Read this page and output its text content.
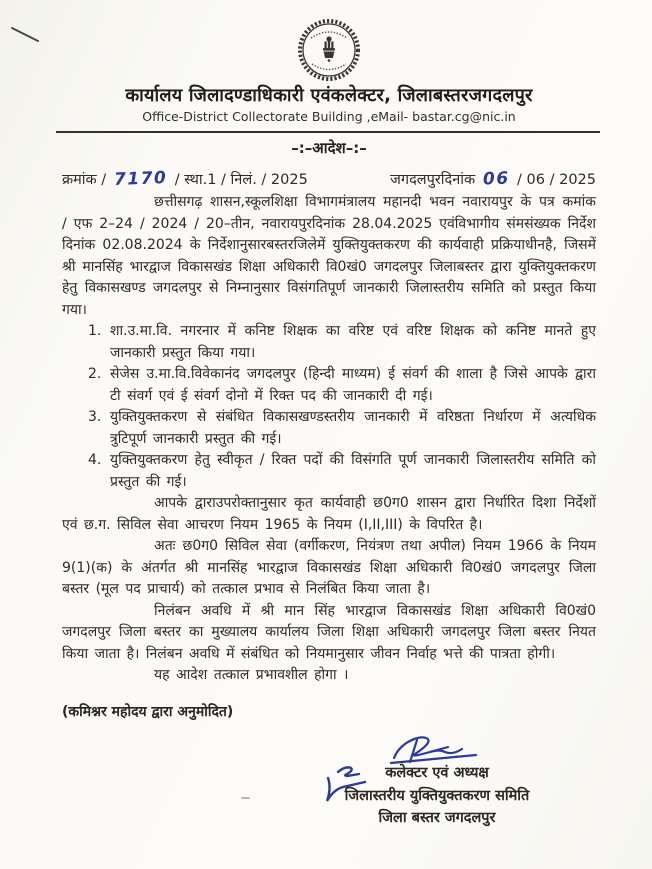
कार्यालय जिलादण्डाधिकारी एवंकलेक्टर, जिलाबस्तरजगदलपुर
Office-District Collectorate Building ,eMail- bastar.cg@nic.in
–:–आदेश–:–
क्रमांक / 7170 / स्था.1 / निलं. / 2025	जगदलपुरदिनांक 06 / 06 / 2025

छत्तीसगढ़ शासन,स्कूलशिक्षा विभागमंत्रालय महानदी भवन नवारायपुर के पत्र कमांक / एफ 2–24 / 2024 / 20–तीन, नवारायपुरदिनांक 28.04.2025 एवंविभागीय संमसंख्यक निर्देश दिनांक 02.08.2024 के निर्देशानुसारबस्तरजिलेमें युक्तियुक्तकरण की कार्यवाही प्रक्रियाधीनहै, जिसमें श्री मानसिंह भारद्वाज विकासखंड शिक्षा अधिकारी वि0खं0 जगदलपुर जिलाबस्तर द्वारा युक्तियुक्तकरण हेतु विकासखण्ड जगदलपुर से निम्नानुसार विसंगतिपूर्ण जानकारी जिलास्तरीय समिति को प्रस्तुत किया गया।

1. शा.उ.मा.वि. नगरनार में कनिष्ट शिक्षक का वरिष्ट एवं वरिष्ट शिक्षक को कनिष्ट मानते हुए जानकारी प्रस्तुत किया गया।
2. सेजेस उ.मा.वि.विवेकानंद जगदलपुर (हिन्दी माध्यम) ई संवर्ग की शाला है जिसे आपके द्वारा टी संवर्ग एवं ई संवर्ग दोनो में रिक्त पद की जानकारी दी गई।
3. युक्तियुक्तकरण से संबंधित विकासखण्डस्तरीय जानकारी में वरिष्ठता निर्धारण में अत्यधिक त्रुटिपूर्ण जानकारी प्रस्तुत की गई।
4. युक्तियुक्तकरण हेतु स्वीकृत / रिक्त पदों की विसंगति पूर्ण जानकारी जिलास्तरीय समिति को प्रस्तुत की गई।

आपके द्वाराउपरोक्तानुसार कृत कार्यवाही छ0ग0 शासन द्वारा निर्धारित दिशा निर्देशों एवं छ.ग. सिविल सेवा आचरण नियम 1965 के नियम (I,II,III) के विपरित है।

अतः छ0ग0 सिविल सेवा (वर्गीकरण, नियंत्रण तथा अपील) नियम 1966 के नियम 9(1)(क) के अंतर्गत श्री मानसिंह भारद्वाज विकासखंड शिक्षा अधिकारी वि0खं0 जगदलपुर जिला बस्तर (मूल पद प्राचार्य) को तत्काल प्रभाव से निलंबित किया जाता है।

निलंबन अवधि में श्री मान सिंह भारद्वाज विकासखंड शिक्षा अधिकारी वि0खं0 जगदलपुर जिला बस्तर का मुख्यालय कार्यालय जिला शिक्षा अधिकारी जगदलपुर जिला बस्तर नियत किया जाता है। निलंबन अवधि में संबंधित को नियमानुसार जीवन निर्वाह भत्ते की पात्रता होगी।

यह आदेश तत्काल प्रभावशील होगा ।

(कमिश्नर महोदय द्वारा अनुमोदित)

कलेक्टर एवं अध्यक्ष
जिलास्तरीय युक्तियुक्तकरण समिति
जिला बस्तर जगदलपुर
